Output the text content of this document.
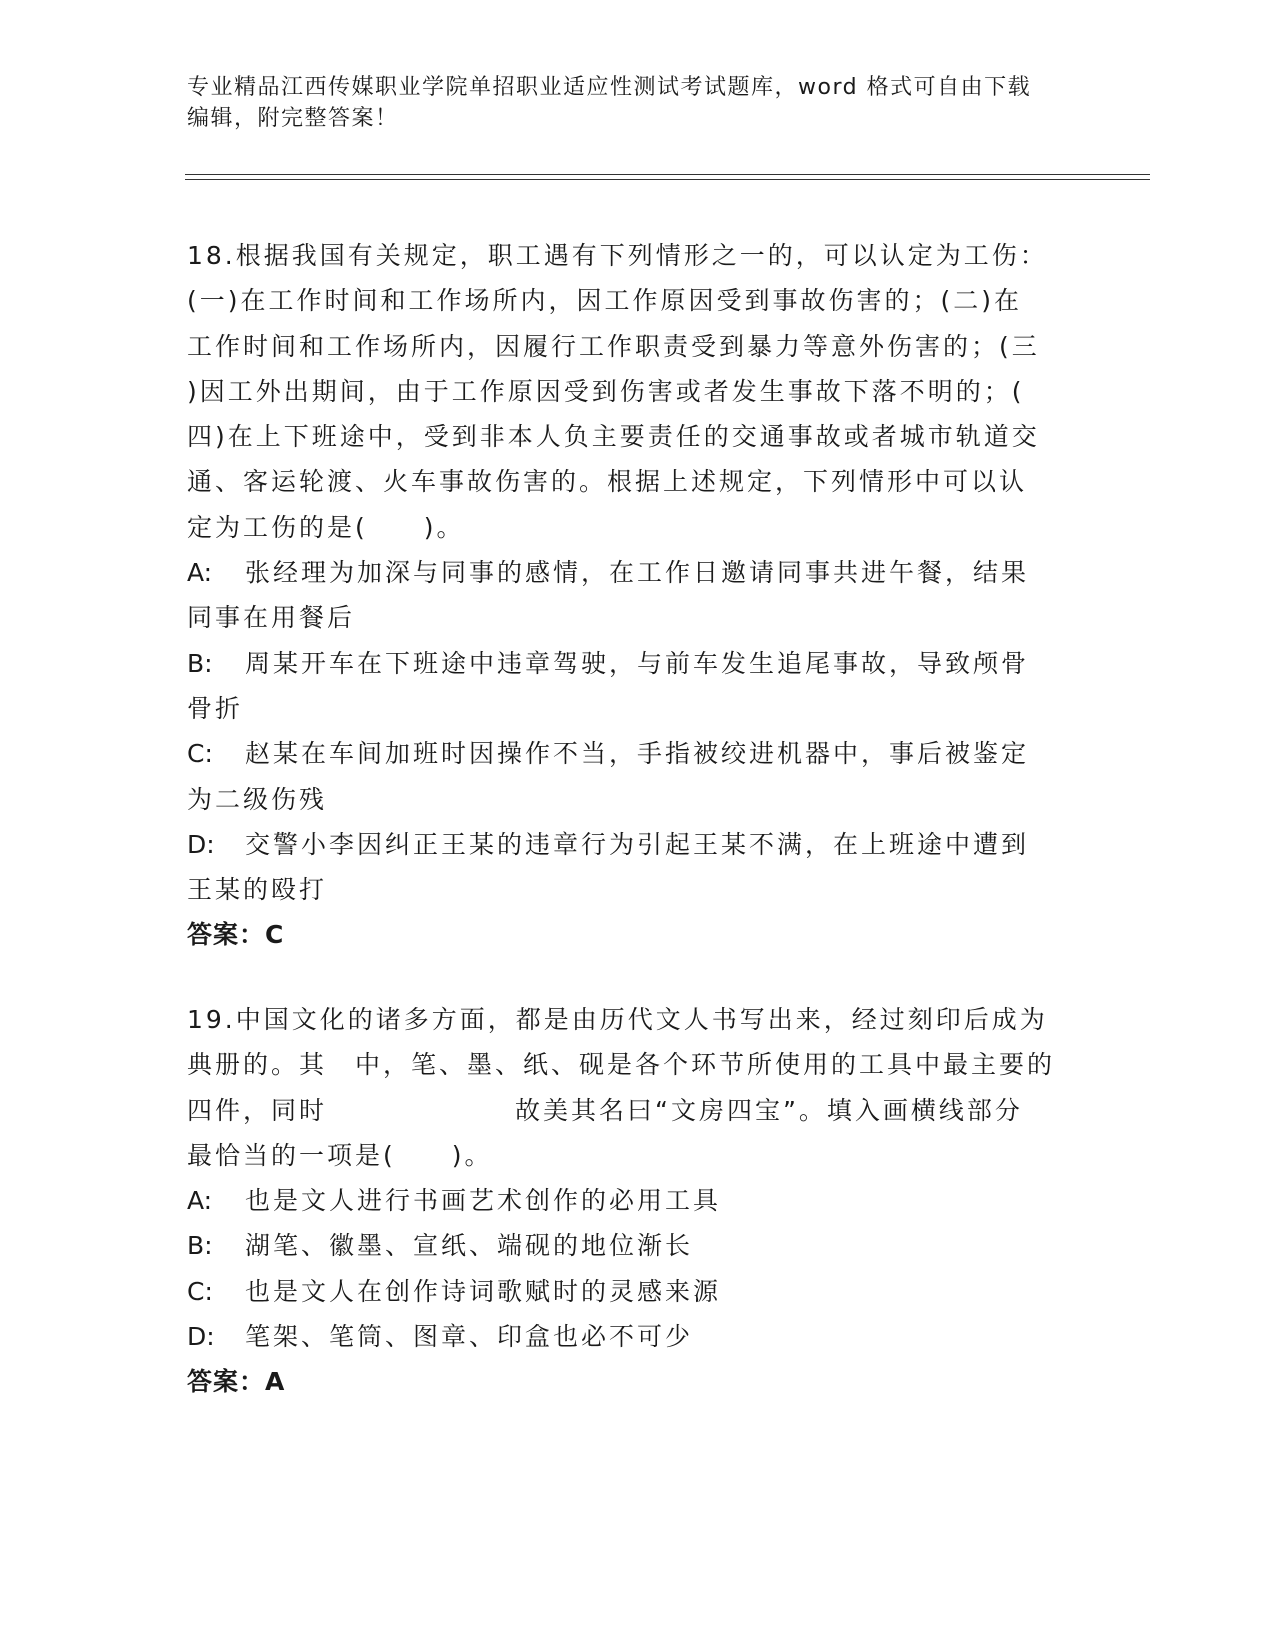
专业精品江西传媒职业学院单招职业适应性测试考试题库，word 格式可自由下载
编辑，附完整答案！

18.根据我国有关规定，职工遇有下列情形之一的，可以认定为工伤：

(一)在工作时间和工作场所内，因工作原因受到事故伤害的；(二)在

工作时间和工作场所内，因履行工作职责受到暴力等意外伤害的；(三

)因工外出期间，由于工作原因受到伤害或者发生事故下落不明的；(

四)在上下班途中，受到非本人负主要责任的交通事故或者城市轨道交

通、客运轮渡、火车事故伤害的。根据上述规定，下列情形中可以认

定为工伤的是(　　)。

A: 张经理为加深与同事的感情，在工作日邀请同事共进午餐，结果

同事在用餐后

B: 周某开车在下班途中违章驾驶，与前车发生追尾事故，导致颅骨

骨折

C: 赵某在车间加班时因操作不当，手指被绞进机器中，事后被鉴定

为二级伤残

D: 交警小李因纠正王某的违章行为引起王某不满，在上班途中遭到

王某的殴打

答案：C

19.中国文化的诸多方面，都是由历代文人书写出来，经过刻印后成为

典册的。其　中，笔、墨、纸、砚是各个环节所使用的工具中最主要的

四件，同时	故美其名曰“文房四宝”。填入画横线部分

最恰当的一项是(　　)。

A: 也是文人进行书画艺术创作的必用工具

B: 湖笔、徽墨、宣纸、端砚的地位渐长

C: 也是文人在创作诗词歌赋时的灵感来源

D: 笔架、笔筒、图章、印盒也必不可少

答案：A
